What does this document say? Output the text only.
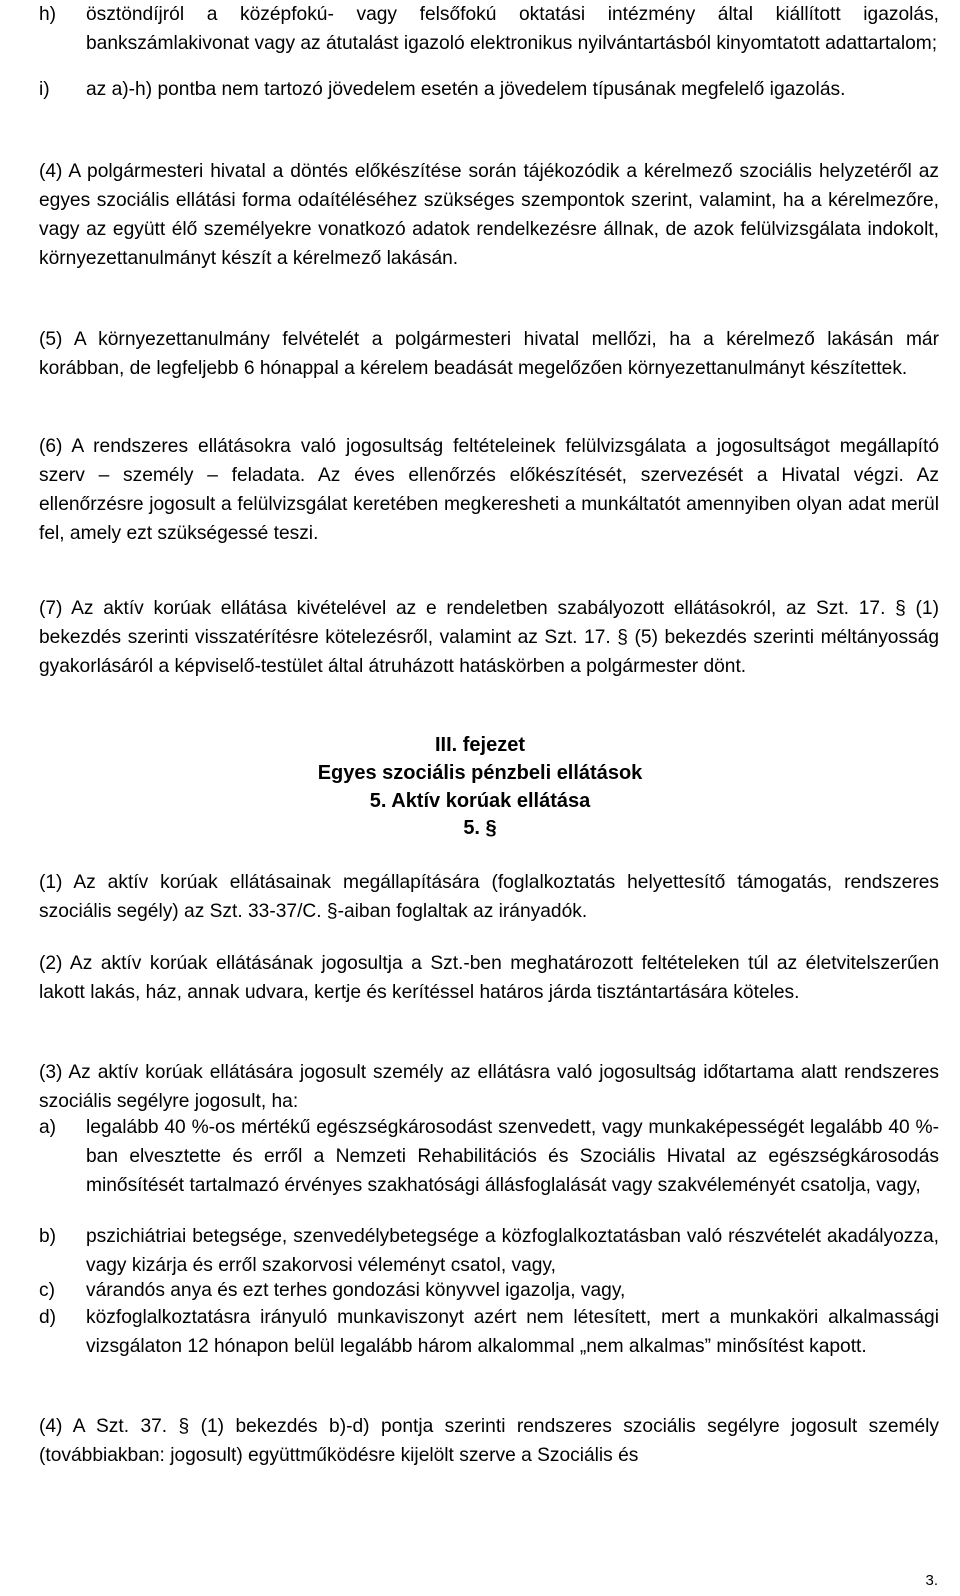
h) ösztöndíjról a középfokú- vagy felsőfokú oktatási intézmény által kiállított igazolás, bankszámlakivonat vagy az átutalást igazoló elektronikus nyilvántartásból kinyomtatott adattartalom;
i) az a)-h) pontba nem tartozó jövedelem esetén a jövedelem típusának megfelelő igazolás.

(4) A polgármesteri hivatal a döntés előkészítése során tájékozódik a kérelmező szociális helyzetéről az egyes szociális ellátási forma odaítéléséhez szükséges szempontok szerint, valamint, ha a kérelmezőre, vagy az együtt élő személyekre vonatkozó adatok rendelkezésre állnak, de azok felülvizsgálata indokolt, környezettanulmányt készít a kérelmező lakásán.

(5) A környezettanulmány felvételét a polgármesteri hivatal mellőzi, ha a kérelmező lakásán már korábban, de legfeljebb 6 hónappal a kérelem beadását megelőzően környezettanulmányt készítettek.

(6) A rendszeres ellátásokra való jogosultság feltételeinek felülvizsgálata a jogosultságot megállapító szerv – személy – feladata. Az éves ellenőrzés előkészítését, szervezését a Hivatal végzi. Az ellenőrzésre jogosult a felülvizsgálat keretében megkeresheti a munkáltatót amennyiben olyan adat merül fel, amely ezt szükségessé teszi.

(7) Az aktív korúak ellátása kivételével az e rendeletben szabályozott ellátásokról, az Szt. 17. § (1) bekezdés szerinti visszatérítésre kötelezésről, valamint az Szt. 17. § (5) bekezdés szerinti méltányosság gyakorlásáról a képviselő-testület által átruházott hatáskörben a polgármester dönt.

III. fejezet
Egyes szociális pénzbeli ellátások
5. Aktív korúak ellátása
5. §

(1) Az aktív korúak ellátásainak megállapítására (foglalkoztatás helyettesítő támogatás, rendszeres szociális segély) az Szt. 33-37/C. §-aiban foglaltak az irányadók.

(2) Az aktív korúak ellátásának jogosultja a Szt.-ben meghatározott feltételeken túl az életvitelszerűen lakott lakás, ház, annak udvara, kertje és kerítéssel határos járda tisztántartására köteles.

(3) Az aktív korúak ellátására jogosult személy az ellátásra való jogosultság időtartama alatt rendszeres szociális segélyre jogosult, ha:

a) legalább 40 %-os mértékű egészségkárosodást szenvedett, vagy munkaképességét legalább 40 %-ban elvesztette és erről a Nemzeti Rehabilitációs és Szociális Hivatal az egészségkárosodás minősítését tartalmazó érvényes szakhatósági állásfoglalását vagy szakvéleményét csatolja, vagy,
b) pszichiátriai betegsége, szenvedélybetegsége a közfoglalkoztatásban való részvételét akadályozza, vagy kizárja és erről szakorvosi véleményt csatol, vagy,
c) várandós anya és ezt terhes gondozási könyvvel igazolja, vagy,
d) közfoglalkoztatásra irányuló munkaviszonyt azért nem létesített, mert a munkaköri alkalmassági vizsgálaton 12 hónapon belül legalább három alkalommal „nem alkalmas” minősítést kapott.

(4) A Szt. 37. § (1) bekezdés b)-d) pontja szerinti rendszeres szociális segélyre jogosult személy (továbbiakban: jogosult) együttműködésre kijelölt szerve a Szociális és

3.
